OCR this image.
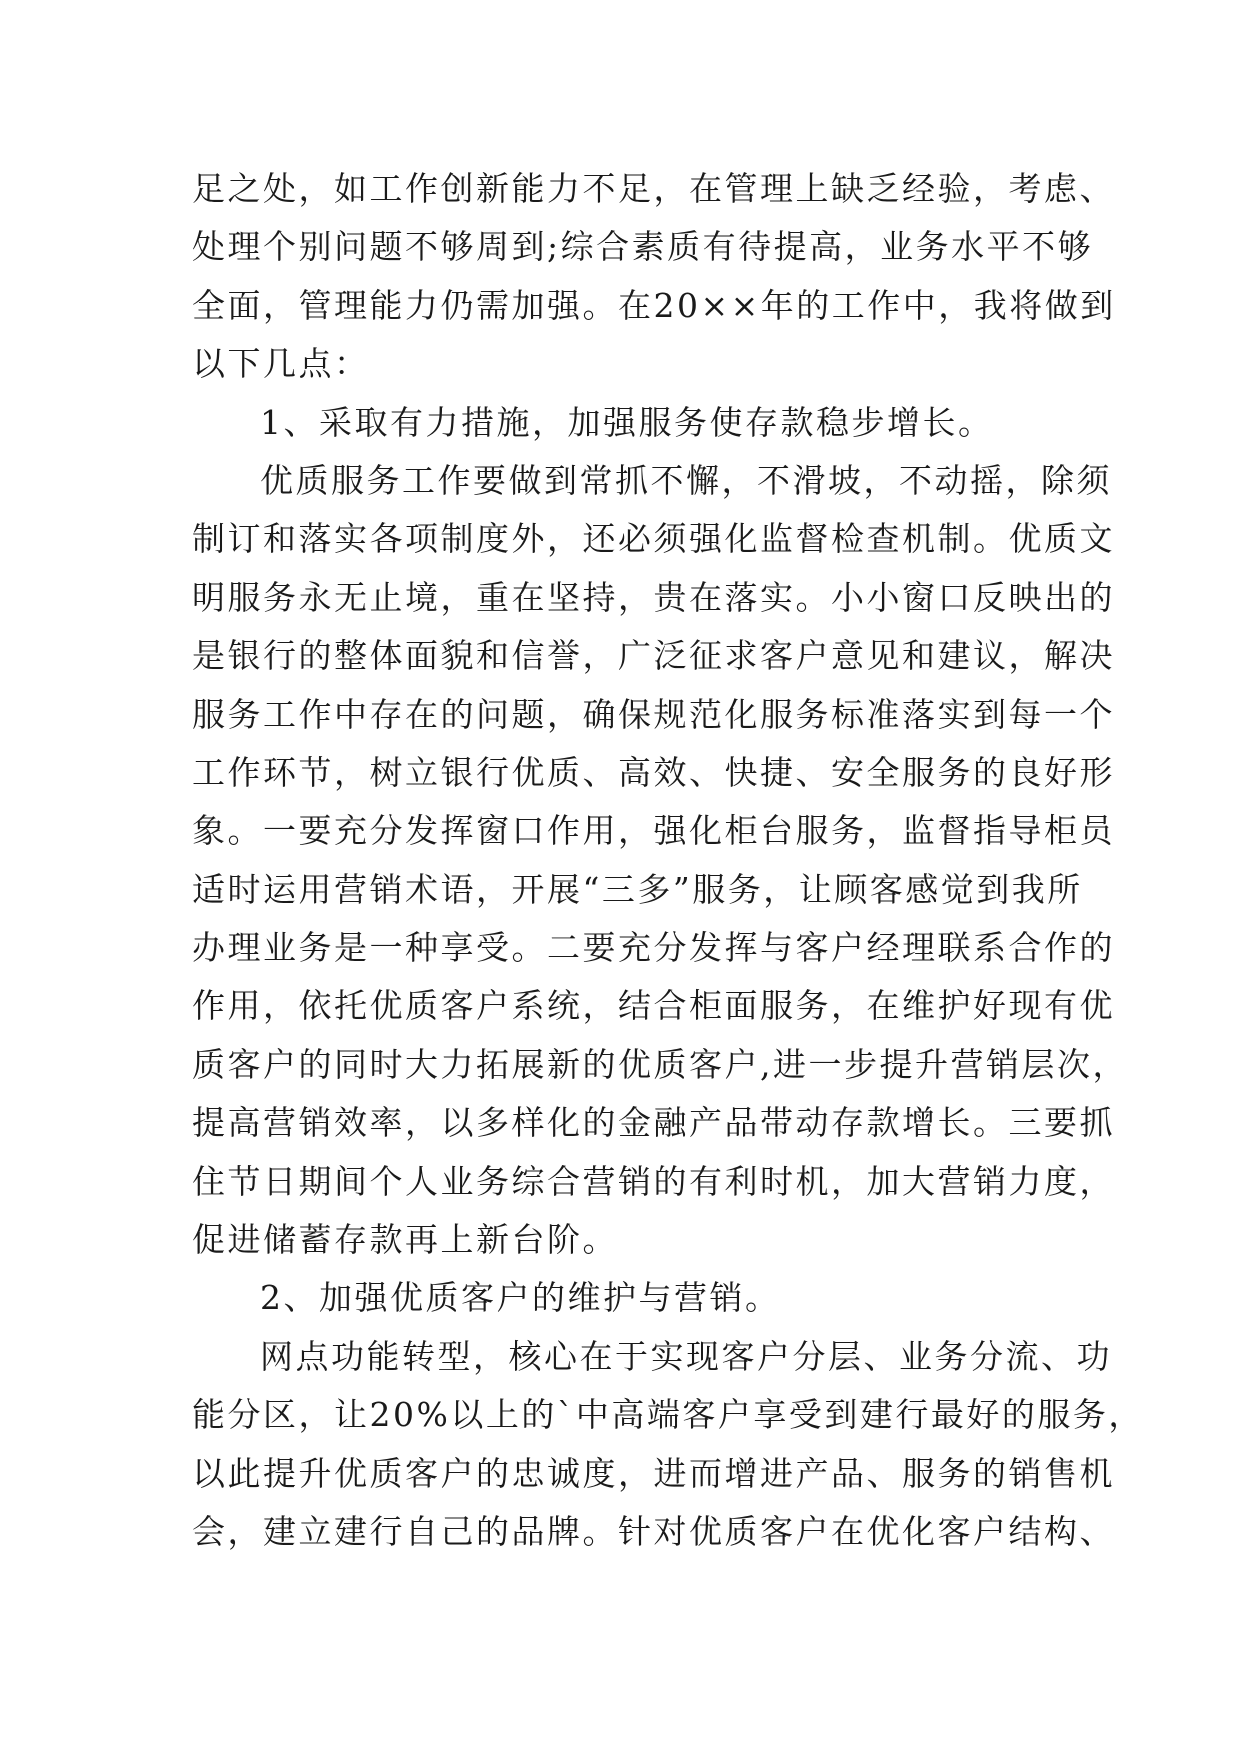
足之处，如工作创新能力不足，在管理上缺乏经验，考虑、
处理个别问题不够周到;综合素质有待提高，业务水平不够
全面，管理能力仍需加强。在20××年的工作中，我将做到
以下几点：
1、采取有力措施，加强服务使存款稳步增长。
优质服务工作要做到常抓不懈，不滑坡，不动摇，除须
制订和落实各项制度外，还必须强化监督检查机制。优质文
明服务永无止境，重在坚持，贵在落实。小小窗口反映出的
是银行的整体面貌和信誉，广泛征求客户意见和建议，解决
服务工作中存在的问题，确保规范化服务标准落实到每一个
工作环节，树立银行优质、高效、快捷、安全服务的良好形
象。一要充分发挥窗口作用，强化柜台服务，监督指导柜员
适时运用营销术语，开展“三多”服务，让顾客感觉到我所
办理业务是一种享受。二要充分发挥与客户经理联系合作的
作用，依托优质客户系统，结合柜面服务，在维护好现有优
质客户的同时大力拓展新的优质客户,进一步提升营销层次，
提高营销效率，以多样化的金融产品带动存款增长。三要抓
住节日期间个人业务综合营销的有利时机，加大营销力度，
促进储蓄存款再上新台阶。
2、加强优质客户的维护与营销。
网点功能转型，核心在于实现客户分层、业务分流、功
能分区，让20%以上的`中高端客户享受到建行最好的服务，
以此提升优质客户的忠诚度，进而增进产品、服务的销售机
会，建立建行自己的品牌。针对优质客户在优化客户结构、
